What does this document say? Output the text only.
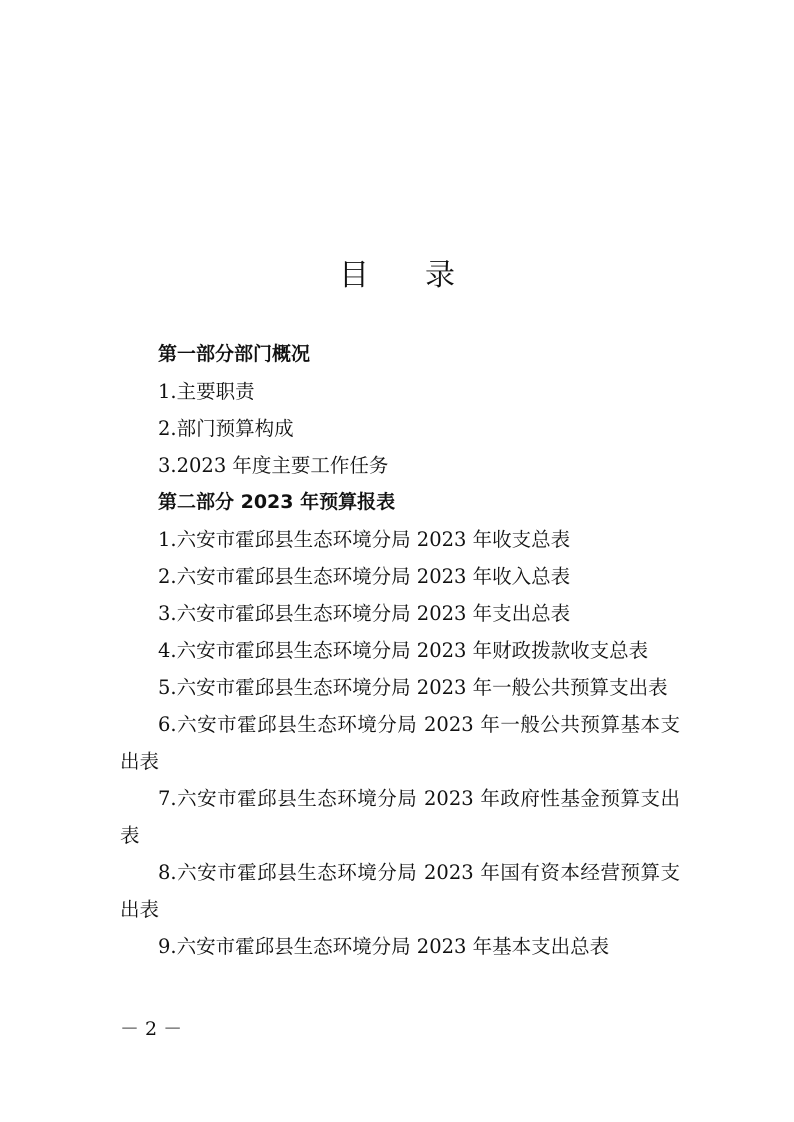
目 录
第一部分部门概况
1.主要职责
2.部门预算构成
3.2023 年度主要工作任务
第二部分 2023 年预算报表
1.六安市霍邱县生态环境分局 2023 年收支总表
2.六安市霍邱县生态环境分局 2023 年收入总表
3.六安市霍邱县生态环境分局 2023 年支出总表
4.六安市霍邱县生态环境分局 2023 年财政拨款收支总表
5.六安市霍邱县生态环境分局 2023 年一般公共预算支出表
6.六安市霍邱县生态环境分局 2023 年一般公共预算基本支出表
7.六安市霍邱县生态环境分局 2023 年政府性基金预算支出表
8.六安市霍邱县生态环境分局 2023 年国有资本经营预算支出表
9.六安市霍邱县生态环境分局 2023 年基本支出总表
－ 2 －
